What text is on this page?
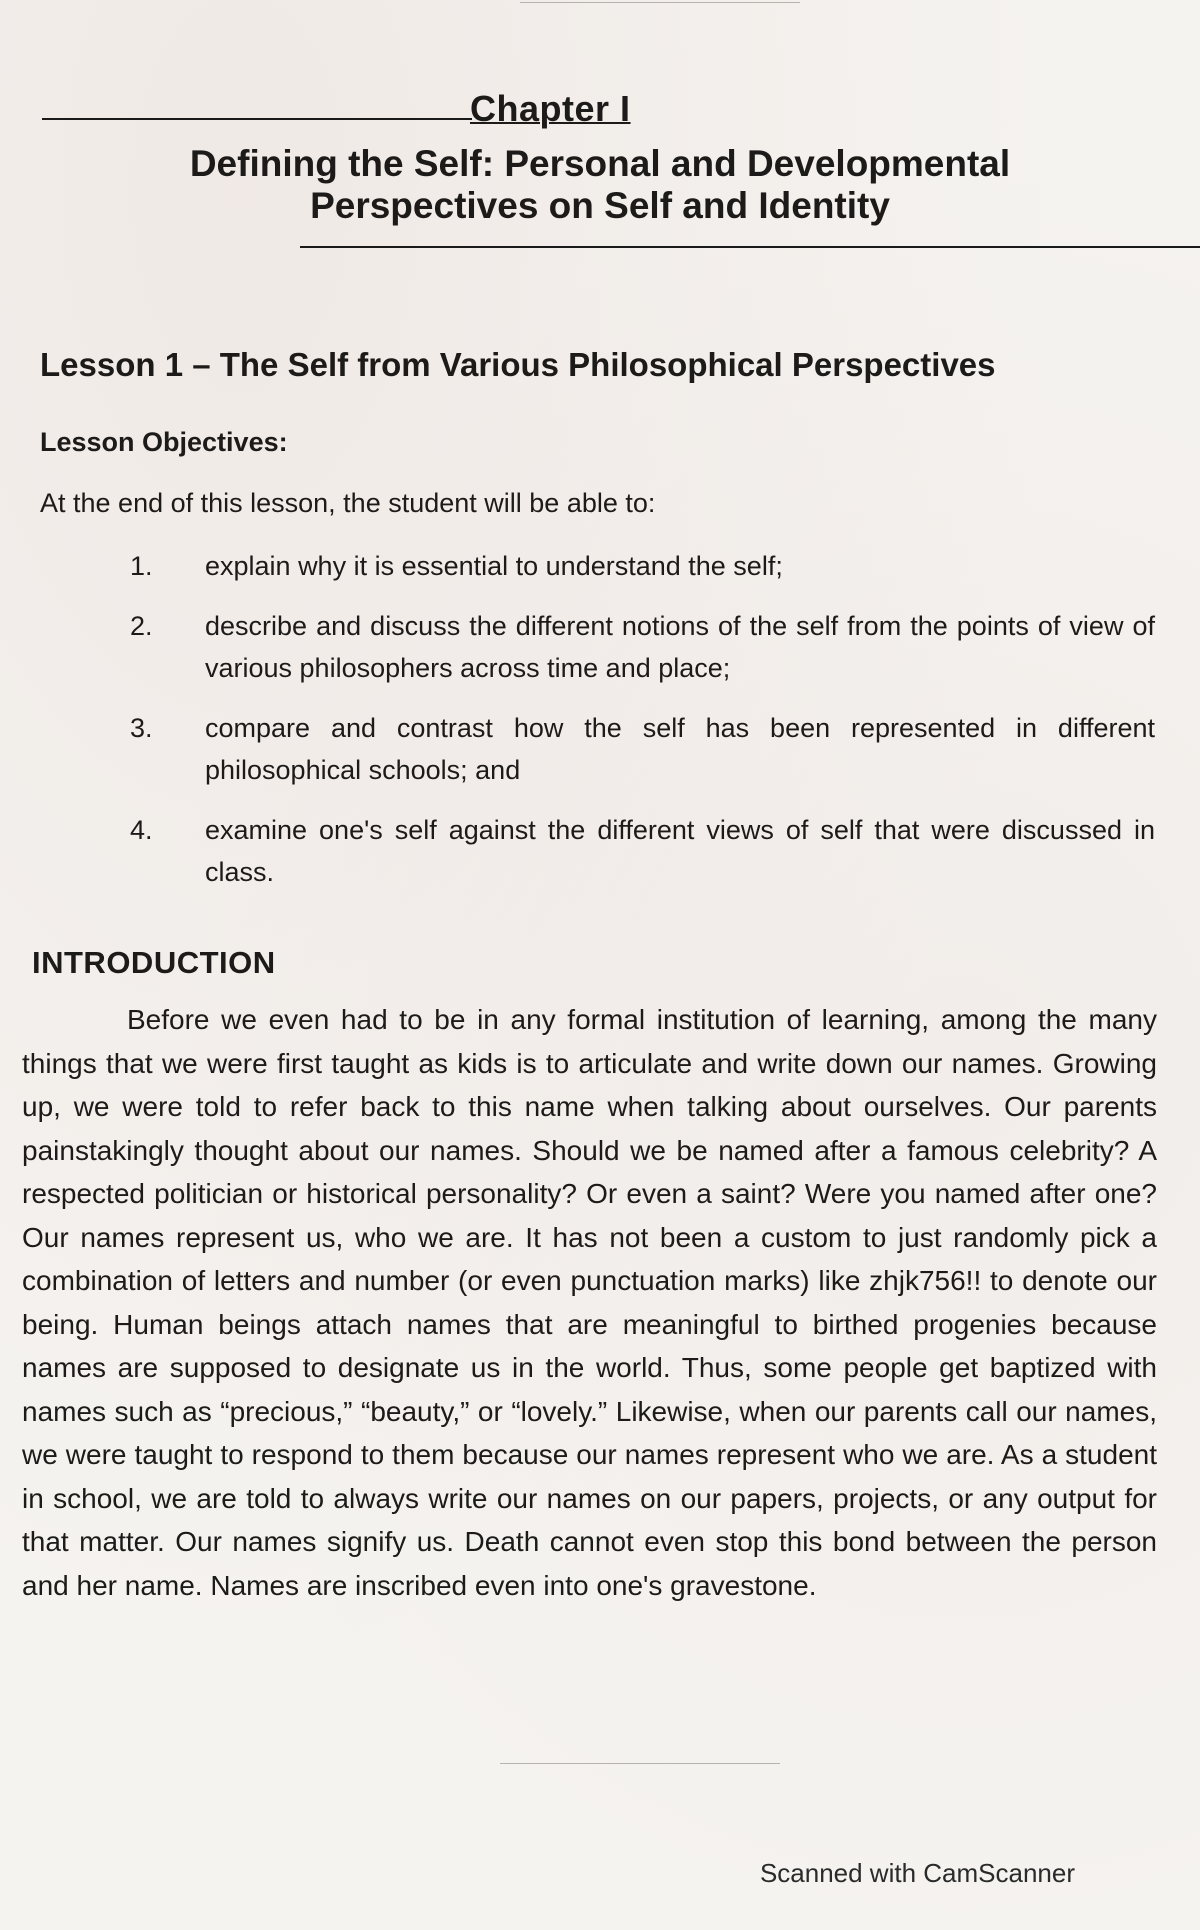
Chapter I
Defining the Self: Personal and Developmental
Perspectives on Self and Identity
Lesson 1 – The Self from Various Philosophical Perspectives
Lesson Objectives:
At the end of this lesson, the student will be able to:
1.	explain why it is essential to understand the self;
2.	describe and discuss the different notions of the self from the points of view of various philosophers across time and place;
3.	compare and contrast how the self has been represented in different philosophical schools; and
4.	examine one's self against the different views of self that were discussed in class.
INTRODUCTION

Before we even had to be in any formal institution of learning, among the many things that we were first taught as kids is to articulate and write down our names. Growing up, we were told to refer back to this name when talking about ourselves. Our parents painstakingly thought about our names. Should we be named after a famous celebrity? A respected politician or historical personality? Or even a saint? Were you named after one? Our names represent us, who we are. It has not been a custom to just randomly pick a combination of letters and number (or even punctuation marks) like zhjk756!! to denote our being. Human beings attach names that are meaningful to birthed progenies because names are supposed to designate us in the world. Thus, some people get baptized with names such as “precious,” “beauty,” or “lovely.” Likewise, when our parents call our names, we were taught to respond to them because our names represent who we are. As a student in school, we are told to always write our names on our papers, projects, or any output for that matter. Our names signify us. Death cannot even stop this bond between the person and her name. Names are inscribed even into one's gravestone.

Scanned with CamScanner
